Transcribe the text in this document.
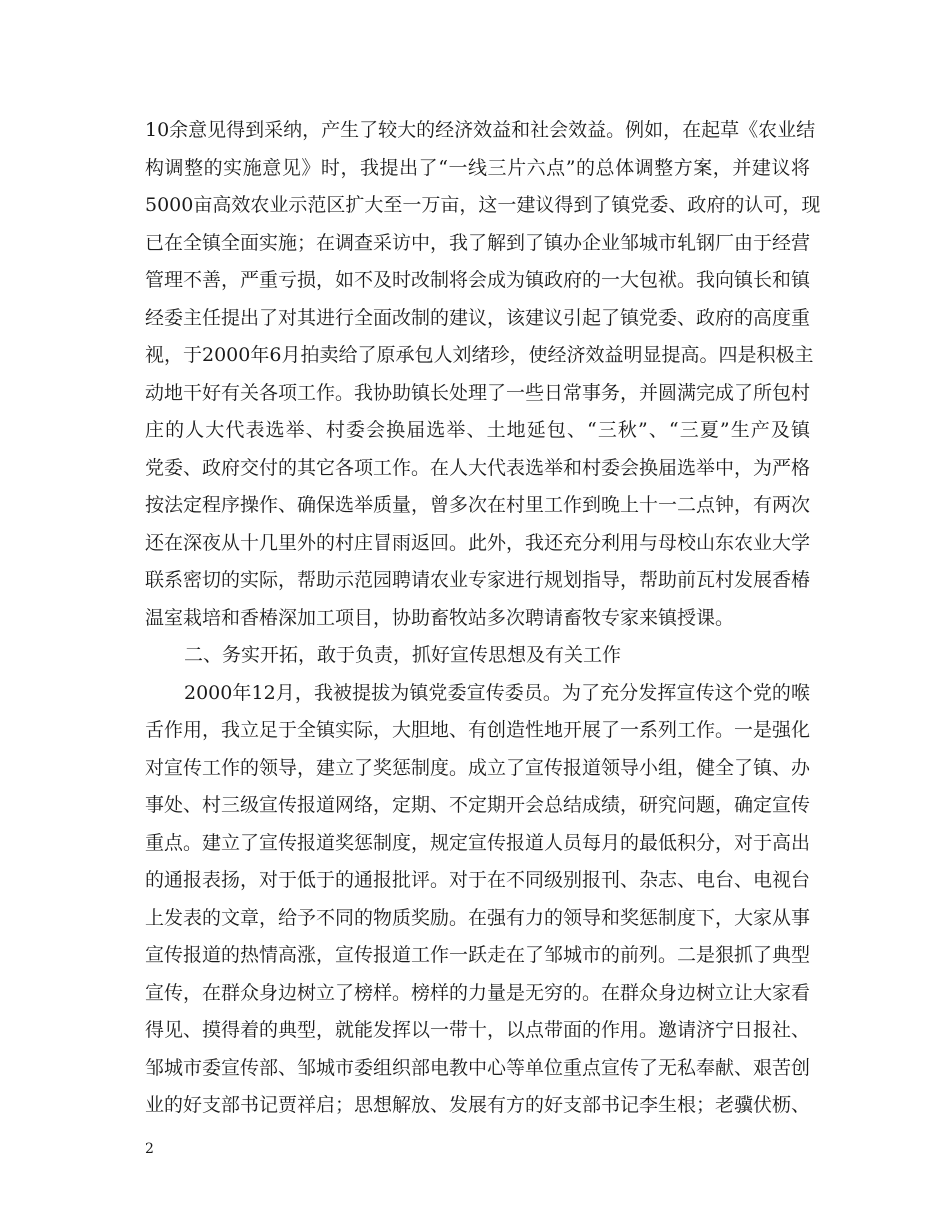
10余意见得到采纳，产生了较大的经济效益和社会效益。例如，在起草《农业结
构调整的实施意见》时，我提出了“一线三片六点”的总体调整方案，并建议将
5000亩高效农业示范区扩大至一万亩，这一建议得到了镇党委、政府的认可，现
已在全镇全面实施；在调查采访中，我了解到了镇办企业邹城市轧钢厂由于经营
管理不善，严重亏损，如不及时改制将会成为镇政府的一大包袱。我向镇长和镇
经委主任提出了对其进行全面改制的建议，该建议引起了镇党委、政府的高度重
视，于2000年6月拍卖给了原承包人刘绪珍，使经济效益明显提高。四是积极主
动地干好有关各项工作。我协助镇长处理了一些日常事务，并圆满完成了所包村
庄的人大代表选举、村委会换届选举、土地延包、“三秋”、“三夏”生产及镇
党委、政府交付的其它各项工作。在人大代表选举和村委会换届选举中，为严格
按法定程序操作、确保选举质量，曾多次在村里工作到晚上十一二点钟，有两次
还在深夜从十几里外的村庄冒雨返回。此外，我还充分利用与母校山东农业大学
联系密切的实际，帮助示范园聘请农业专家进行规划指导，帮助前瓦村发展香椿
温室栽培和香椿深加工项目，协助畜牧站多次聘请畜牧专家来镇授课。
二、务实开拓，敢于负责，抓好宣传思想及有关工作
2000年12月，我被提拔为镇党委宣传委员。为了充分发挥宣传这个党的喉
舌作用，我立足于全镇实际，大胆地、有创造性地开展了一系列工作。一是强化
对宣传工作的领导，建立了奖惩制度。成立了宣传报道领导小组，健全了镇、办
事处、村三级宣传报道网络，定期、不定期开会总结成绩，研究问题，确定宣传
重点。建立了宣传报道奖惩制度，规定宣传报道人员每月的最低积分，对于高出
的通报表扬，对于低于的通报批评。对于在不同级别报刊、杂志、电台、电视台
上发表的文章，给予不同的物质奖励。在强有力的领导和奖惩制度下，大家从事
宣传报道的热情高涨，宣传报道工作一跃走在了邹城市的前列。二是狠抓了典型
宣传，在群众身边树立了榜样。榜样的力量是无穷的。在群众身边树立让大家看
得见、摸得着的典型，就能发挥以一带十，以点带面的作用。邀请济宁日报社、
邹城市委宣传部、邹城市委组织部电教中心等单位重点宣传了无私奉献、艰苦创
业的好支部书记贾祥启；思想解放、发展有方的好支部书记李生根；老骥伏枥、
2
